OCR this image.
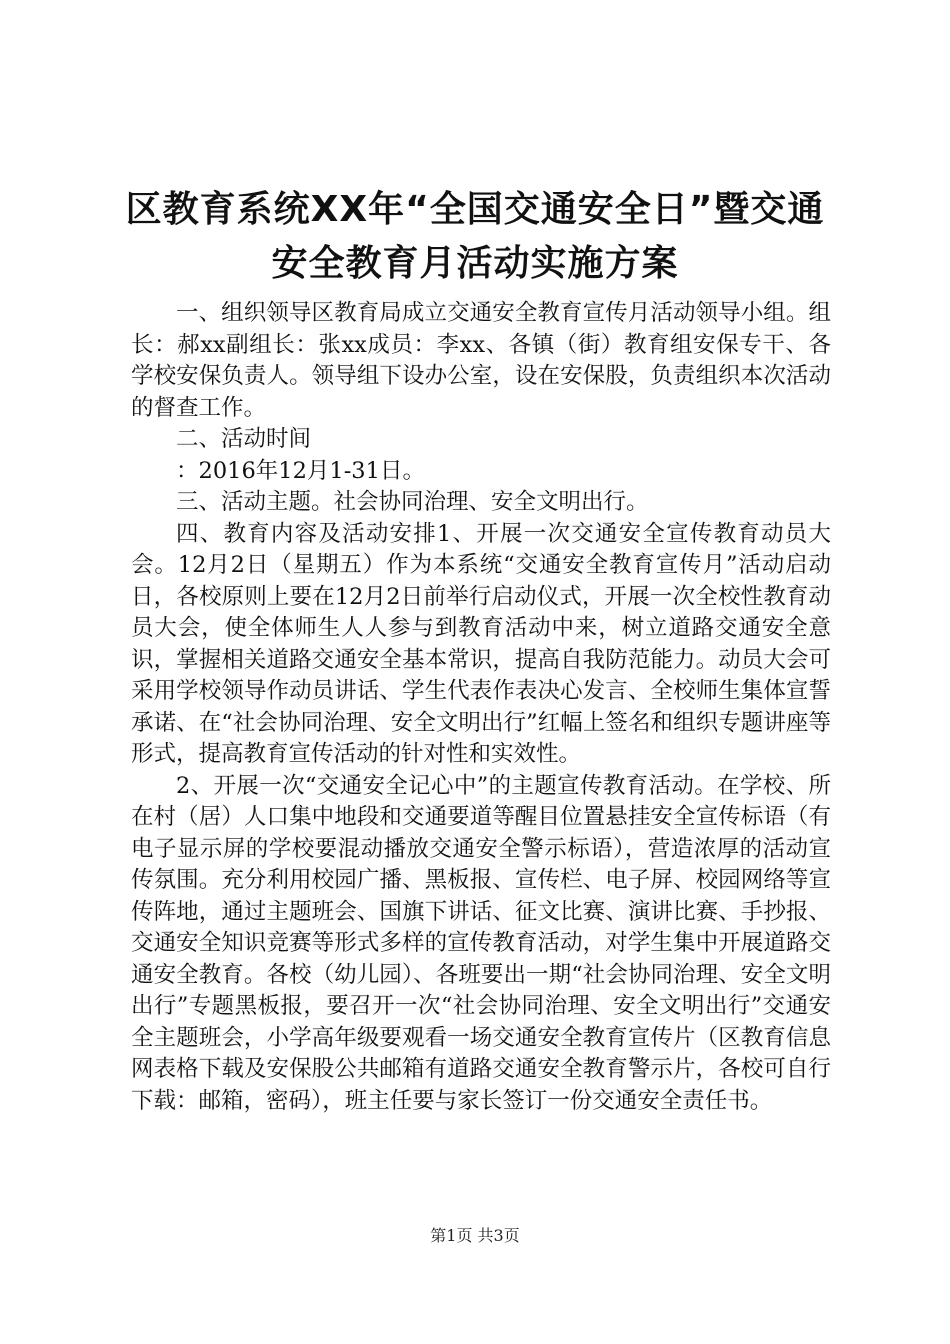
区教育系统XX年“全国交通安全日”暨交通
安全教育月活动实施方案

一、组织领导区教育局成立交通安全教育宣传月活动领导小组。组长：郝xx副组长：张xx成员：李xx、各镇（街）教育组安保专干、各学校安保负责人。领导组下设办公室，设在安保股，负责组织本次活动的督查工作。

二、活动时间

：2016年12月1-31日。

三、活动主题。社会协同治理、安全文明出行。

四、教育内容及活动安排1、开展一次交通安全宣传教育动员大会。12月2日（星期五）作为本系统“交通安全教育宣传月”活动启动日，各校原则上要在12月2日前举行启动仪式，开展一次全校性教育动员大会，使全体师生人人参与到教育活动中来，树立道路交通安全意识，掌握相关道路交通安全基本常识，提高自我防范能力。动员大会可采用学校领导作动员讲话、学生代表作表决心发言、全校师生集体宣誓承诺、在“社会协同治理、安全文明出行”红幅上签名和组织专题讲座等形式，提高教育宣传活动的针对性和实效性。

2、开展一次“交通安全记心中”的主题宣传教育活动。在学校、所在村（居）人口集中地段和交通要道等醒目位置悬挂安全宣传标语（有电子显示屏的学校要混动播放交通安全警示标语），营造浓厚的活动宣传氛围。充分利用校园广播、黑板报、宣传栏、电子屏、校园网络等宣传阵地，通过主题班会、国旗下讲话、征文比赛、演讲比赛、手抄报、交通安全知识竞赛等形式多样的宣传教育活动，对学生集中开展道路交通安全教育。各校（幼儿园）、各班要出一期“社会协同治理、安全文明出行”专题黑板报，要召开一次“社会协同治理、安全文明出行”交通安全主题班会，小学高年级要观看一场交通安全教育宣传片（区教育信息网表格下载及安保股公共邮箱有道路交通安全教育警示片，各校可自行下载：邮箱，密码），班主任要与家长签订一份交通安全责任书。

第1页 共3页
